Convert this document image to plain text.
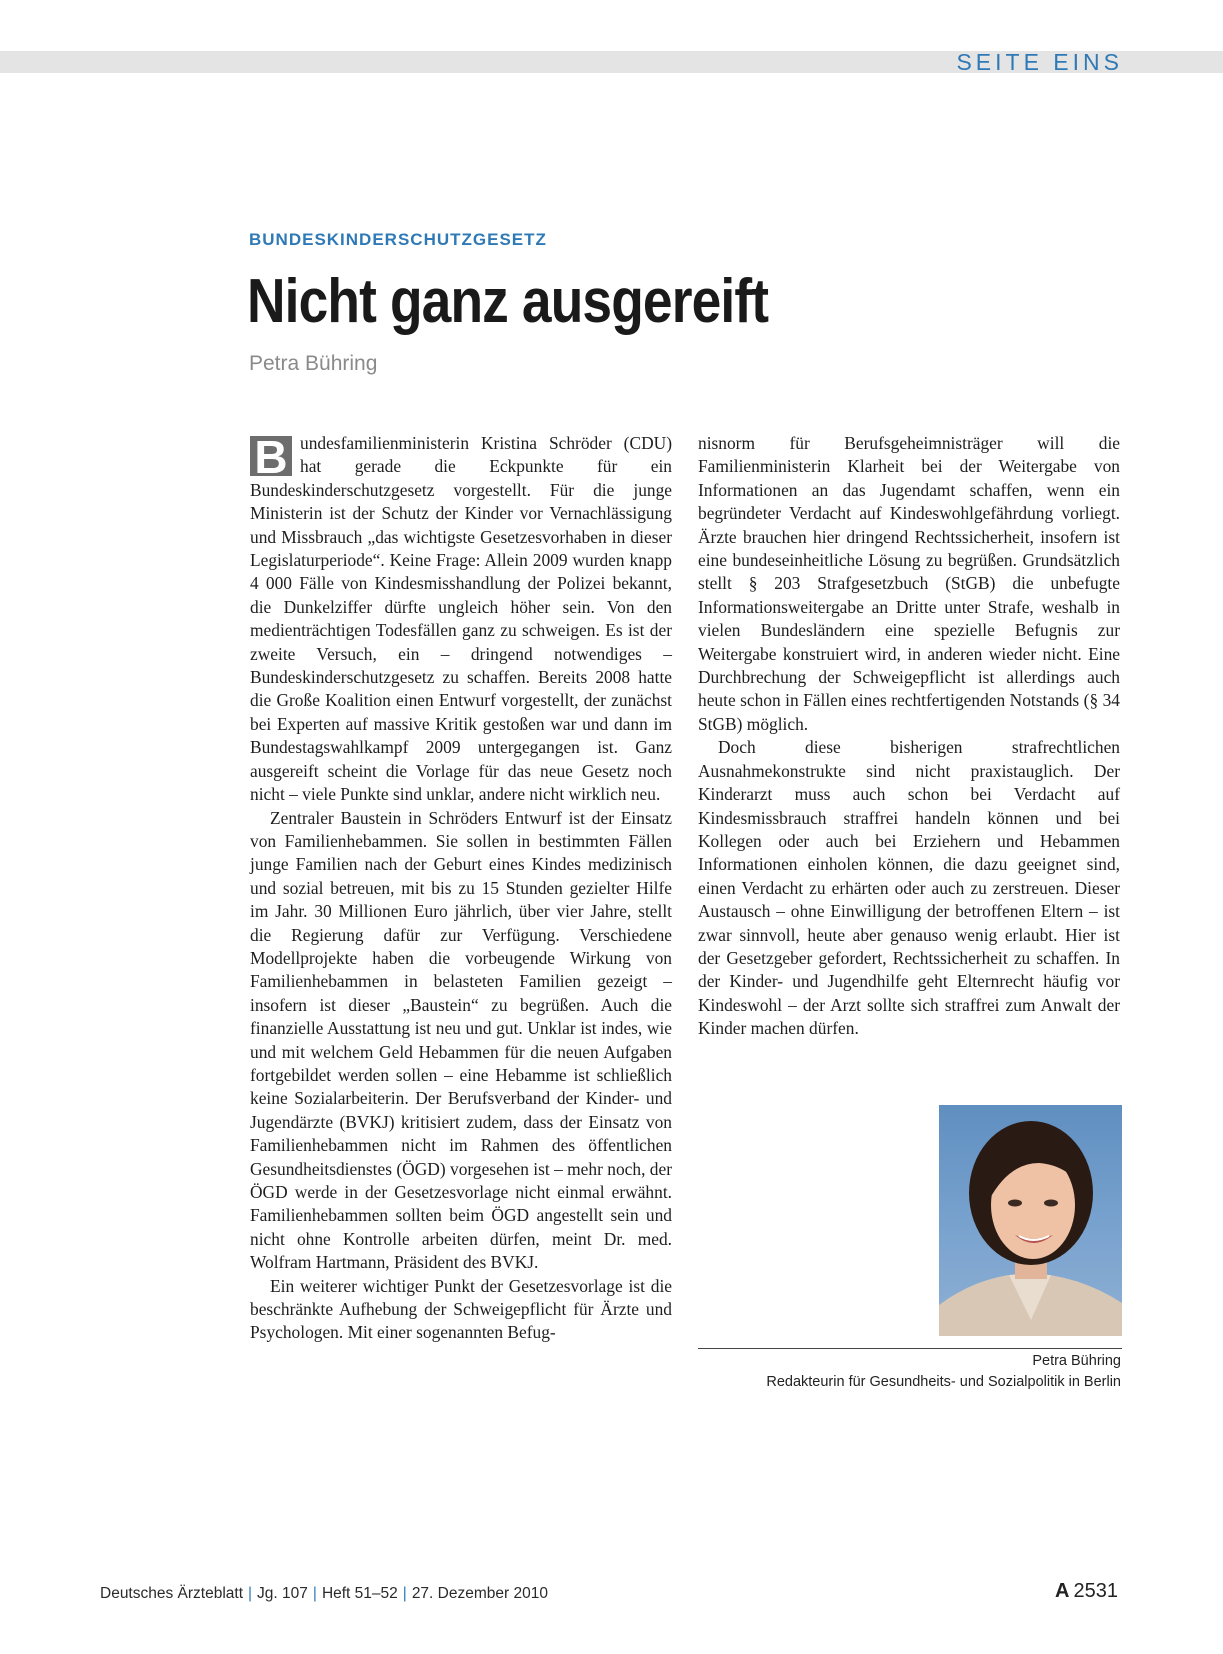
SEITE EINS
BUNDESKINDERSCHUTZGESETZ
Nicht ganz ausgereift
Petra Bühring

B undesfamilienministerin Kristina Schröder (CDU) hat gerade die Eckpunkte für ein Bundeskinderschutzgesetz vorgestellt. Für die junge Ministerin ist der Schutz der Kinder vor Vernachlässigung und Missbrauch „das wichtigste Gesetzesvorhaben in dieser Legislaturperiode“. Keine Frage: Allein 2009 wurden knapp 4 000 Fälle von Kindesmisshandlung der Polizei bekannt, die Dunkelziffer dürfte ungleich höher sein. Von den medienträchtigen Todesfällen ganz zu schweigen. Es ist der zweite Versuch, ein – dringend notwendiges – Bundeskinderschutzgesetz zu schaffen. Bereits 2008 hatte die Große Koalition einen Entwurf vorgestellt, der zunächst bei Experten auf massive Kritik gestoßen war und dann im Bundestagswahlkampf 2009 untergegangen ist. Ganz ausgereift scheint die Vorlage für das neue Gesetz noch nicht – viele Punkte sind unklar, andere nicht wirklich neu.

Zentraler Baustein in Schröders Entwurf ist der Einsatz von Familienhebammen. Sie sollen in bestimmten Fällen junge Familien nach der Geburt eines Kindes medizinisch und sozial betreuen, mit bis zu 15 Stunden gezielter Hilfe im Jahr. 30 Millionen Euro jährlich, über vier Jahre, stellt die Regierung dafür zur Verfügung. Verschiedene Modellprojekte haben die vorbeugende Wirkung von Familienhebammen in belasteten Familien gezeigt – insofern ist dieser „Baustein“ zu begrüßen. Auch die finanzielle Ausstattung ist neu und gut. Unklar ist indes, wie und mit welchem Geld Hebammen für die neuen Aufgaben fortgebildet werden sollen – eine Hebamme ist schließlich keine Sozialarbeiterin. Der Berufsverband der Kinder- und Jugendärzte (BVKJ) kritisiert zudem, dass der Einsatz von Familienhebammen nicht im Rahmen des öffentlichen Gesundheitsdienstes (ÖGD) vorgesehen ist – mehr noch, der ÖGD werde in der Gesetzesvorlage nicht einmal erwähnt. Familienhebammen sollten beim ÖGD angestellt sein und nicht ohne Kontrolle arbeiten dürfen, meint Dr. med. Wolfram Hartmann, Präsident des BVKJ.

Ein weiterer wichtiger Punkt der Gesetzesvorlage ist die beschränkte Aufhebung der Schweigepflicht für Ärzte und Psychologen. Mit einer sogenannten Befug-

nisnorm für Berufsgeheimnisträger will die Familienministerin Klarheit bei der Weitergabe von Informationen an das Jugendamt schaffen, wenn ein begründeter Verdacht auf Kindeswohlgefährdung vorliegt. Ärzte brauchen hier dringend Rechtssicherheit, insofern ist eine bundeseinheitliche Lösung zu begrüßen. Grundsätzlich stellt § 203 Strafgesetzbuch (StGB) die unbefugte Informationsweitergabe an Dritte unter Strafe, weshalb in vielen Bundesländern eine spezielle Befugnis zur Weitergabe konstruiert wird, in anderen wieder nicht. Eine Durchbrechung der Schweigepflicht ist allerdings auch heute schon in Fällen eines rechtfertigenden Notstands (§ 34 StGB) möglich.

Doch diese bisherigen strafrechtlichen Ausnahmekonstrukte sind nicht praxistauglich. Der Kinderarzt muss auch schon bei Verdacht auf Kindesmissbrauch straffrei handeln können und bei Kollegen oder auch bei Erziehern und Hebammen Informationen einholen können, die dazu geeignet sind, einen Verdacht zu erhärten oder auch zu zerstreuen. Dieser Austausch – ohne Einwilligung der betroffenen Eltern – ist zwar sinnvoll, heute aber genauso wenig erlaubt. Hier ist der Gesetzgeber gefordert, Rechtssicherheit zu schaffen. In der Kinder- und Jugendhilfe geht Elternrecht häufig vor Kindeswohl – der Arzt sollte sich straffrei zum Anwalt der Kinder machen dürfen.

Petra Bühring
Redakteurin für Gesundheits- und Sozialpolitik in Berlin
Deutsches Ärzteblatt | Jg. 107 | Heft 51–52 | 27. Dezember 2010	A 2531
